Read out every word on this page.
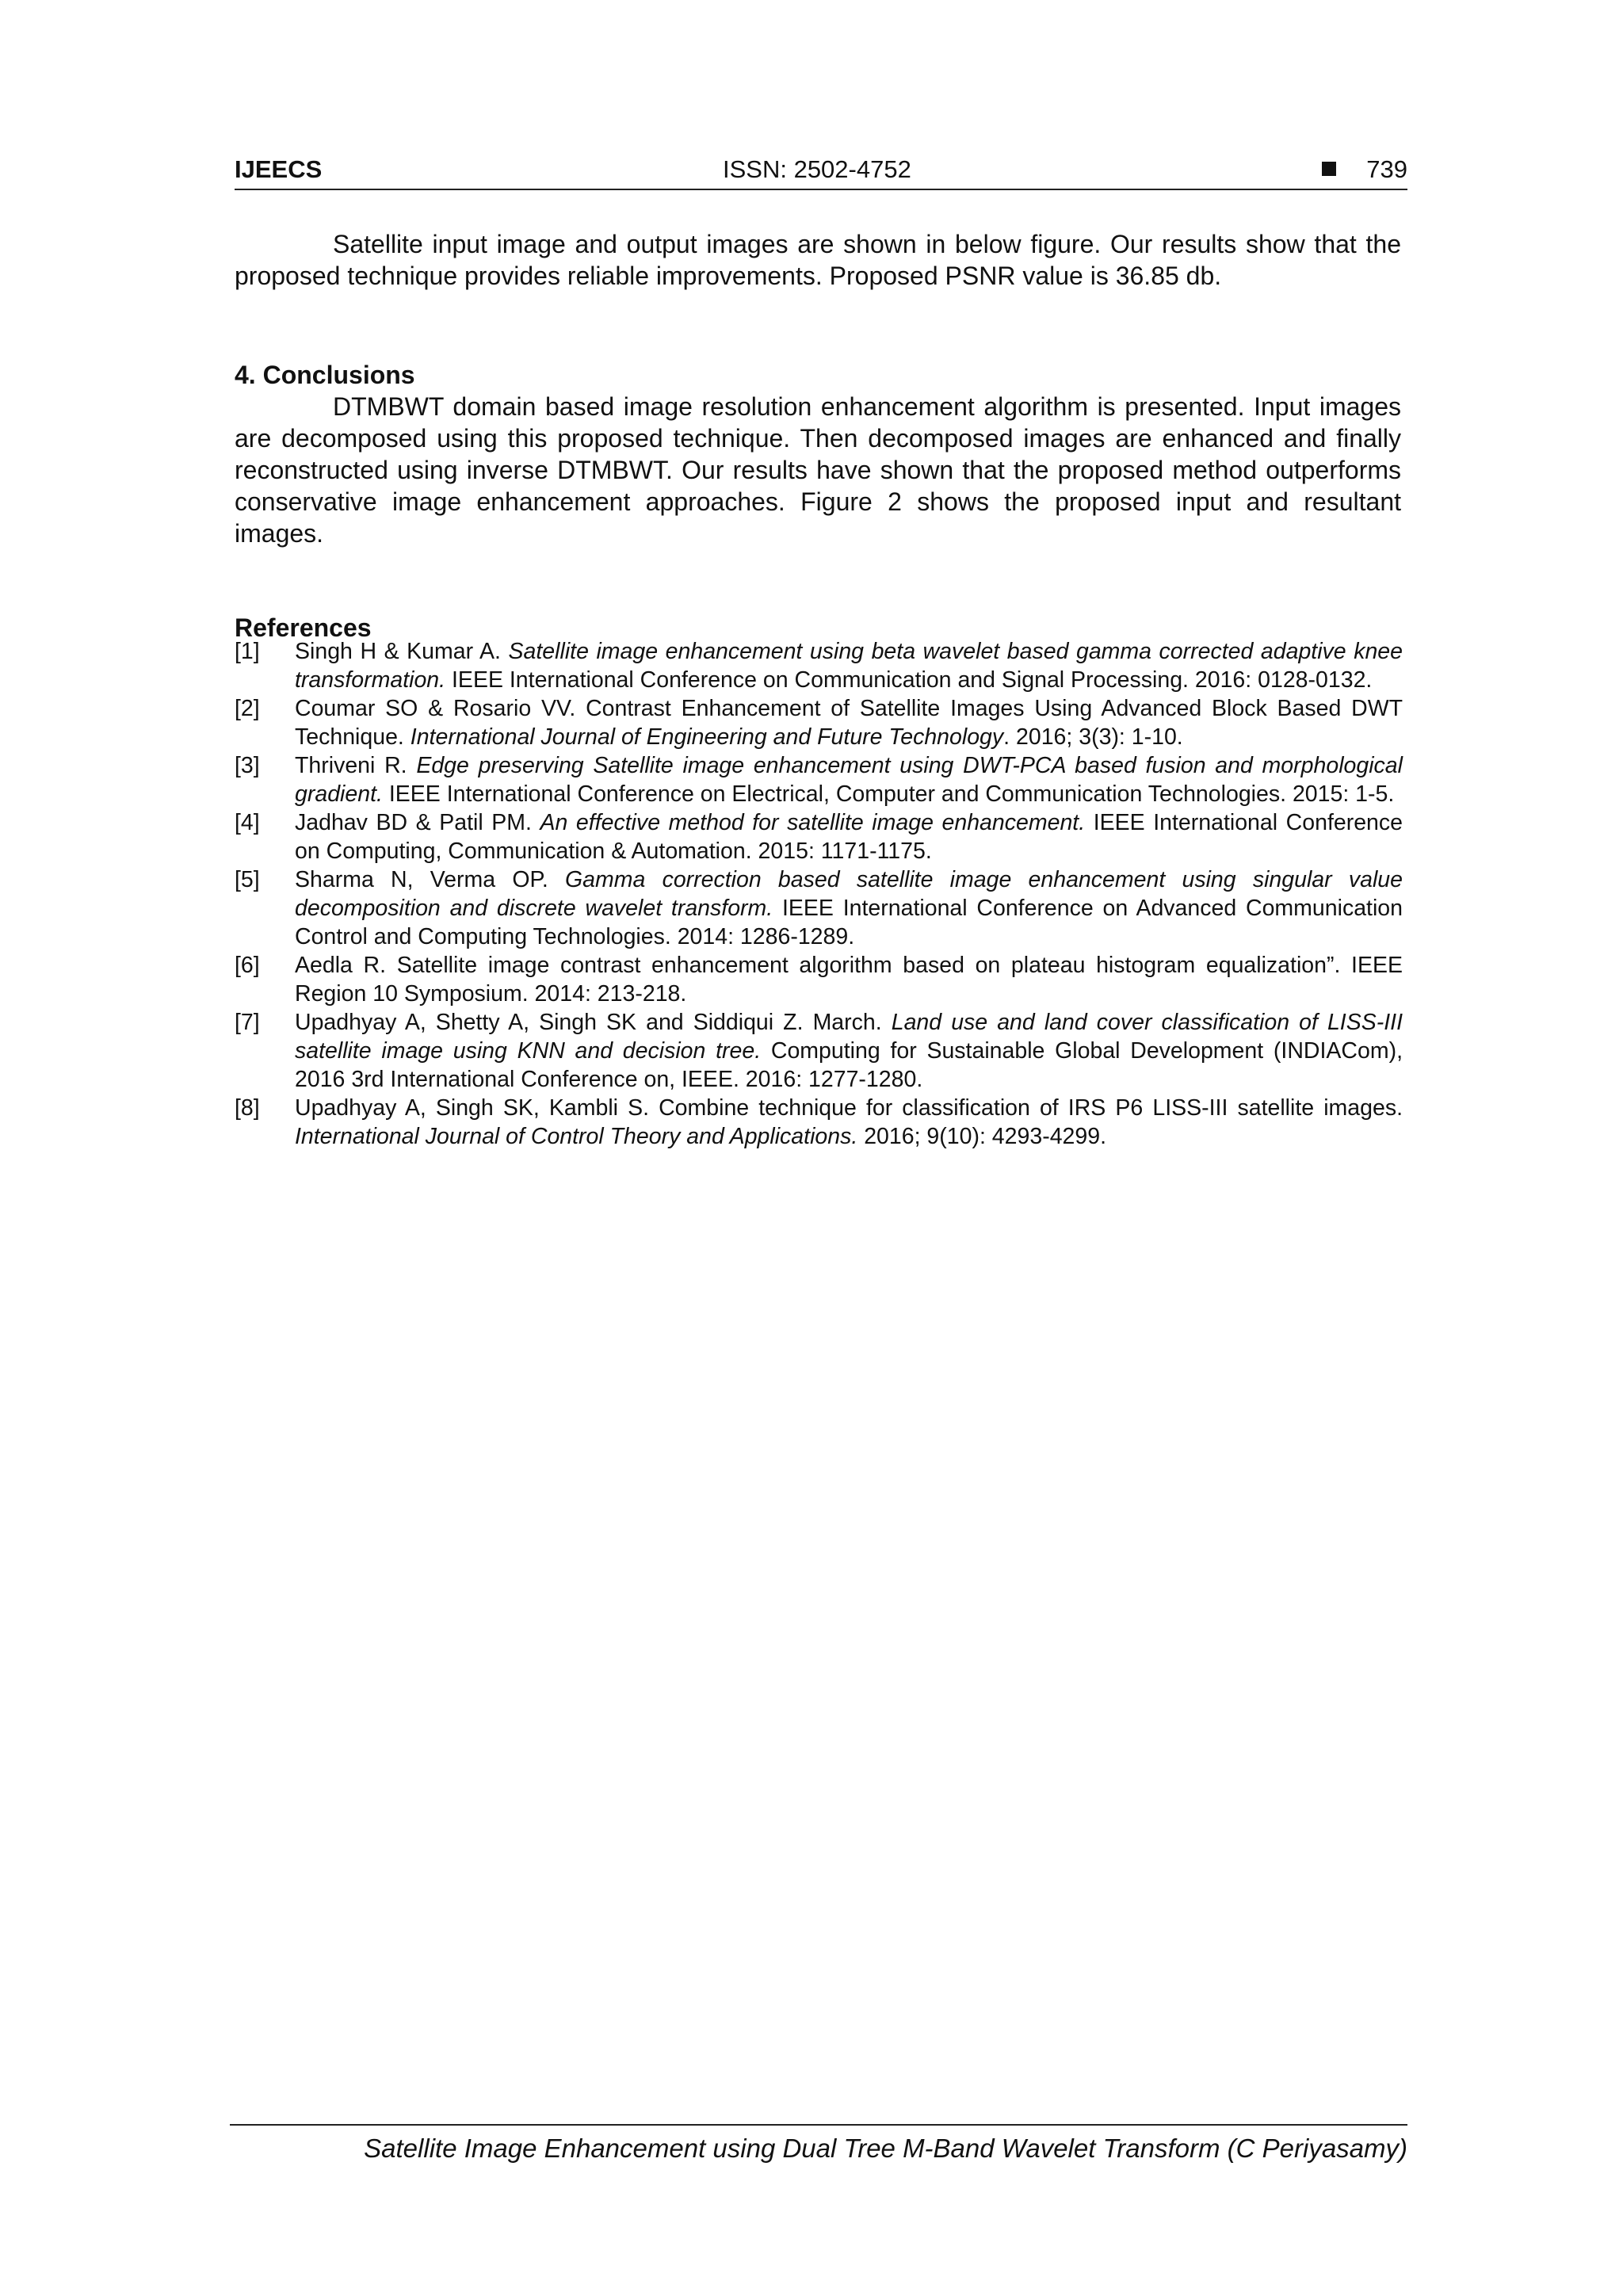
IJEECS	ISSN: 2502-4752	739

Satellite input image and output images are shown in below figure. Our results show that the proposed technique provides reliable improvements. Proposed PSNR value is 36.85 db.

4. Conclusions

DTMBWT domain based image resolution enhancement algorithm is presented. Input images are decomposed using this proposed technique. Then decomposed images are enhanced and finally reconstructed using inverse DTMBWT. Our results have shown that the proposed method outperforms conservative image enhancement approaches. Figure 2 shows the proposed input and resultant images.

References
[1] Singh H & Kumar A. Satellite image enhancement using beta wavelet based gamma corrected adaptive knee transformation. IEEE International Conference on Communication and Signal Processing. 2016: 0128-0132.
[2] Coumar SO & Rosario VV. Contrast Enhancement of Satellite Images Using Advanced Block Based DWT Technique. International Journal of Engineering and Future Technology. 2016; 3(3): 1-10.
[3] Thriveni R. Edge preserving Satellite image enhancement using DWT-PCA based fusion and morphological gradient. IEEE International Conference on Electrical, Computer and Communication Technologies. 2015: 1-5.
[4] Jadhav BD & Patil PM. An effective method for satellite image enhancement. IEEE International Conference on Computing, Communication & Automation. 2015: 1171-1175.
[5] Sharma N, Verma OP. Gamma correction based satellite image enhancement using singular value decomposition and discrete wavelet transform. IEEE International Conference on Advanced Communication Control and Computing Technologies. 2014: 1286-1289.
[6] Aedla R. Satellite image contrast enhancement algorithm based on plateau histogram equalization”. IEEE Region 10 Symposium. 2014: 213-218.
[7] Upadhyay A, Shetty A, Singh SK and Siddiqui Z. March. Land use and land cover classification of LISS-III satellite image using KNN and decision tree. Computing for Sustainable Global Development (INDIACom), 2016 3rd International Conference on, IEEE. 2016: 1277-1280.
[8] Upadhyay A, Singh SK, Kambli S. Combine technique for classification of IRS P6 LISS-III satellite images. International Journal of Control Theory and Applications. 2016; 9(10): 4293-4299.
Satellite Image Enhancement using Dual Tree M-Band Wavelet Transform (C Periyasamy)
